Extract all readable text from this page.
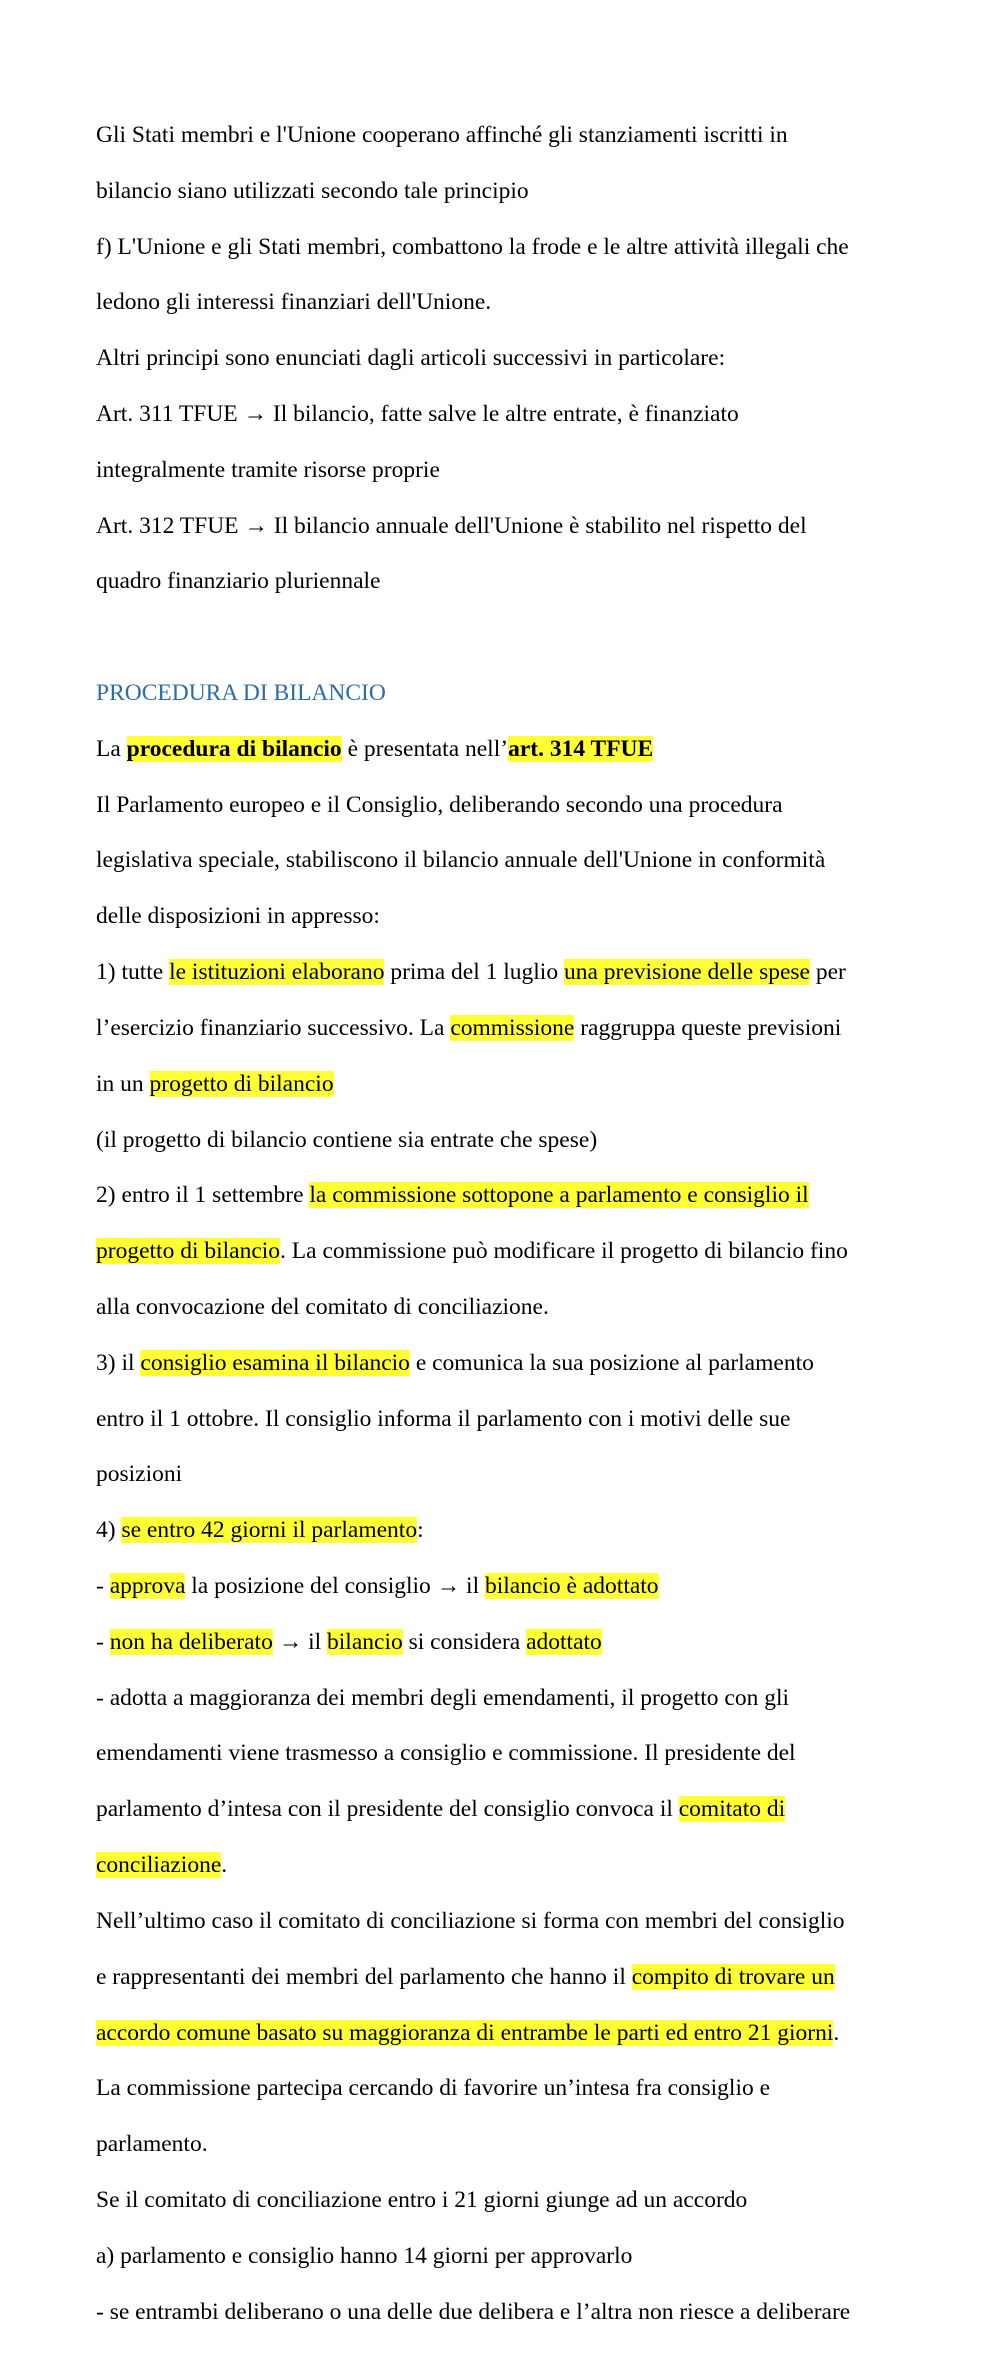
Gli Stati membri e l'Unione cooperano affinché gli stanziamenti iscritti in

bilancio siano utilizzati secondo tale principio

f) L'Unione e gli Stati membri, combattono la frode e le altre attività illegali che

ledono gli interessi finanziari dell'Unione.

Altri principi sono enunciati dagli articoli successivi in particolare:

Art. 311 TFUE → Il bilancio, fatte salve le altre entrate, è finanziato

integralmente tramite risorse proprie

Art. 312 TFUE → Il bilancio annuale dell'Unione è stabilito nel rispetto del

quadro finanziario pluriennale

PROCEDURA DI BILANCIO

La procedura di bilancio è presentata nell’art. 314 TFUE

Il Parlamento europeo e il Consiglio, deliberando secondo una procedura

legislativa speciale, stabiliscono il bilancio annuale dell'Unione in conformità

delle disposizioni in appresso:

1) tutte le istituzioni elaborano prima del 1 luglio una previsione delle spese per

l’esercizio finanziario successivo. La commissione raggruppa queste previsioni

in un progetto di bilancio

(il progetto di bilancio contiene sia entrate che spese)

2) entro il 1 settembre la commissione sottopone a parlamento e consiglio il

progetto di bilancio. La commissione può modificare il progetto di bilancio fino

alla convocazione del comitato di conciliazione.

3) il consiglio esamina il bilancio e comunica la sua posizione al parlamento

entro il 1 ottobre. Il consiglio informa il parlamento con i motivi delle sue

posizioni

4) se entro 42 giorni il parlamento:

- approva la posizione del consiglio → il bilancio è adottato

- non ha deliberato → il bilancio si considera adottato

- adotta a maggioranza dei membri degli emendamenti, il progetto con gli

emendamenti viene trasmesso a consiglio e commissione. Il presidente del

parlamento d’intesa con il presidente del consiglio convoca il comitato di

conciliazione.

Nell’ultimo caso il comitato di conciliazione si forma con membri del consiglio

e rappresentanti dei membri del parlamento che hanno il compito di trovare un

accordo comune basato su maggioranza di entrambe le parti ed entro 21 giorni.

La commissione partecipa cercando di favorire un’intesa fra consiglio e

parlamento.

Se il comitato di conciliazione entro i 21 giorni giunge ad un accordo

a) parlamento e consiglio hanno 14 giorni per approvarlo

- se entrambi deliberano o una delle due delibera e l’altra non riesce a deliberare
